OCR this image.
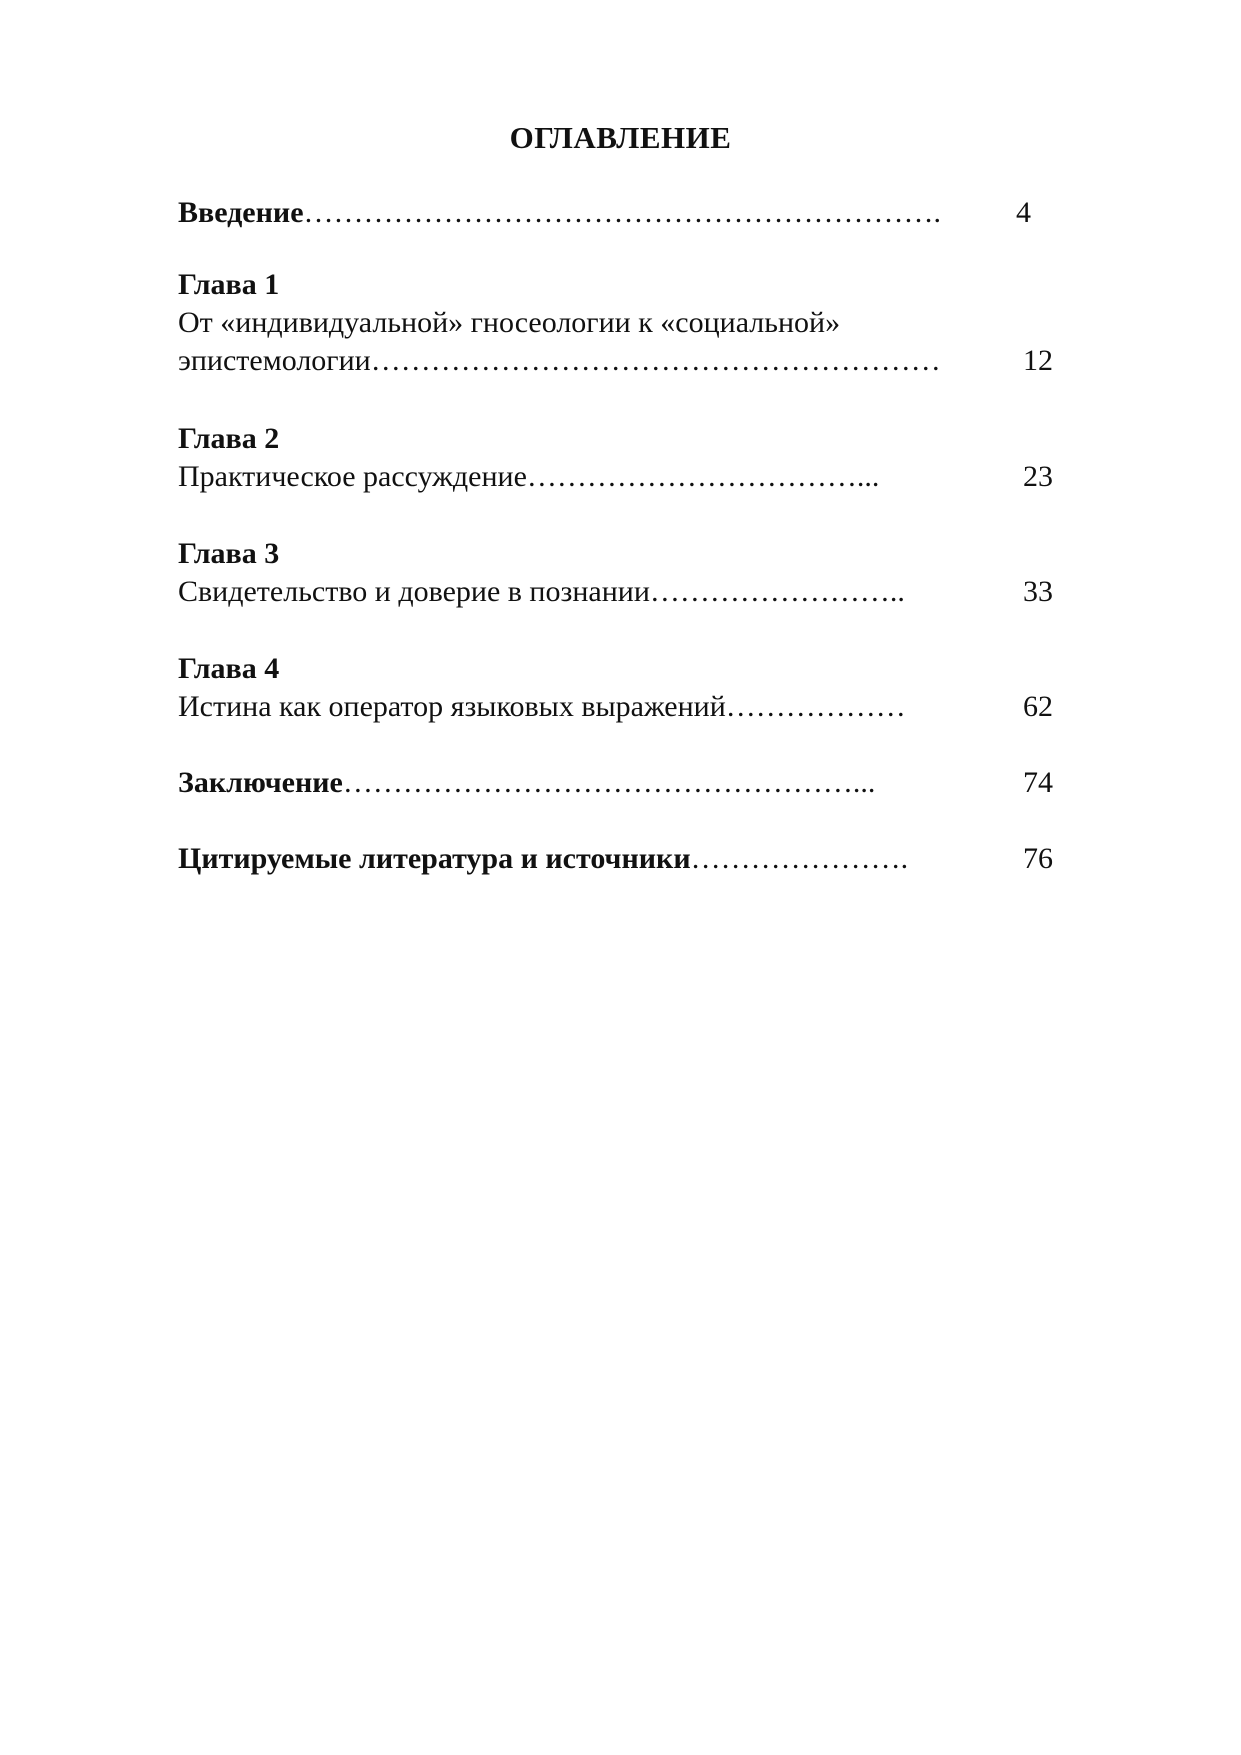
ОГЛАВЛЕНИЕ
Введение ……………………………………………………….	4
Глава 1
От «индивидуальной» гносеологии к «социальной»
эпистемологии …………………………………………………	12
Глава 2
Практическое рассуждение ……………………………...	23
Глава 3
Свидетельство и доверие в познании ……………………..	33
Глава 4
Истина как оператор языковых выражений ………………	62
Заключение ……………………………………………...	74
Цитируемые литература и источники ………………….	76
